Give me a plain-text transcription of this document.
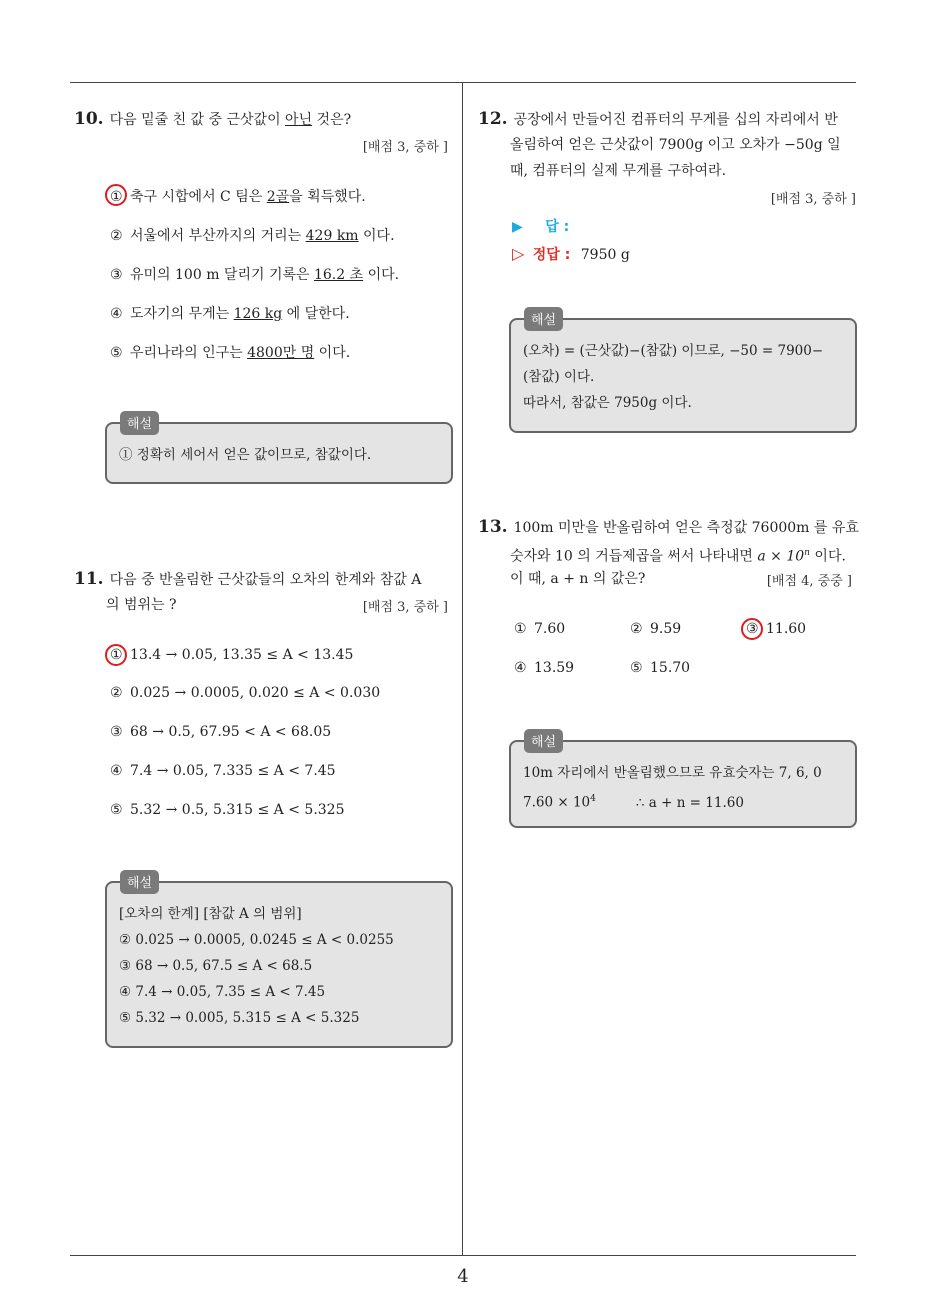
4
10. 다음 밑줄 친 값 중 근삿값이 아닌 것은?
[배점 3, 중하 ]
① 축구 시합에서 C 팀은 2골을 획득했다.
② 서울에서 부산까지의 거리는 429 km 이다.
③ 유미의 100 m 달리기 기록은 16.2 초 이다.
④ 도자기의 무게는 126 kg 에 달한다.
⑤ 우리나라의 인구는 4800만 명 이다.
① 정확히 세어서 얻은 값이므로, 참값이다.
해설
11. 다음 중 반올림한 근삿값들의 오차의 한계와 참값 A
의 범위는 ?	[배점 3, 중하 ]
① 13.4 → 0.05, 13.35 ≤ A < 13.45
② 0.025 → 0.0005, 0.020 ≤ A < 0.030
③ 68 → 0.5, 67.95 < A < 68.05
④ 7.4 → 0.05, 7.335 ≤ A < 7.45
⑤ 5.32 → 0.5, 5.315 ≤ A < 5.325
[오차의 한계] [참값 A 의 범위]
② 0.025 → 0.0005, 0.0245 ≤ A < 0.0255
③ 68 → 0.5, 67.5 ≤ A < 68.5
④ 7.4 → 0.05, 7.35 ≤ A < 7.45
⑤ 5.32 → 0.005, 5.315 ≤ A < 5.325
해설
12. 공장에서 만들어진 컴퓨터의 무게를 십의 자리에서 반
올림하여 얻은 근삿값이 7900g 이고 오차가 −50g 일
때, 컴퓨터의 실제 무게를 구하여라.
[배점 3, 중하 ]
▶ 답 :
▷ 정답 : 7950 g
(오차) = (근삿값)−(참값) 이므로, −50 = 7900−
(참값) 이다.
따라서, 참값은 7950g 이다.
해설
13. 100m 미만을 반올림하여 얻은 측정값 76000m 를 유효
숫자와 10 의 거듭제곱을 써서 나타내면 $a \times 10^n$ 이다.
이 때, a + n 의 값은?	[배점 4, 중중 ]
① 7.60	② 9.59	③ 11.60
④ 13.59	⑤ 15.70
10m 자리에서 반올림했으므로 유효숫자는 7, 6, 0
$7.60 \times 10^4$	∴ a + n = 11.60
해설
